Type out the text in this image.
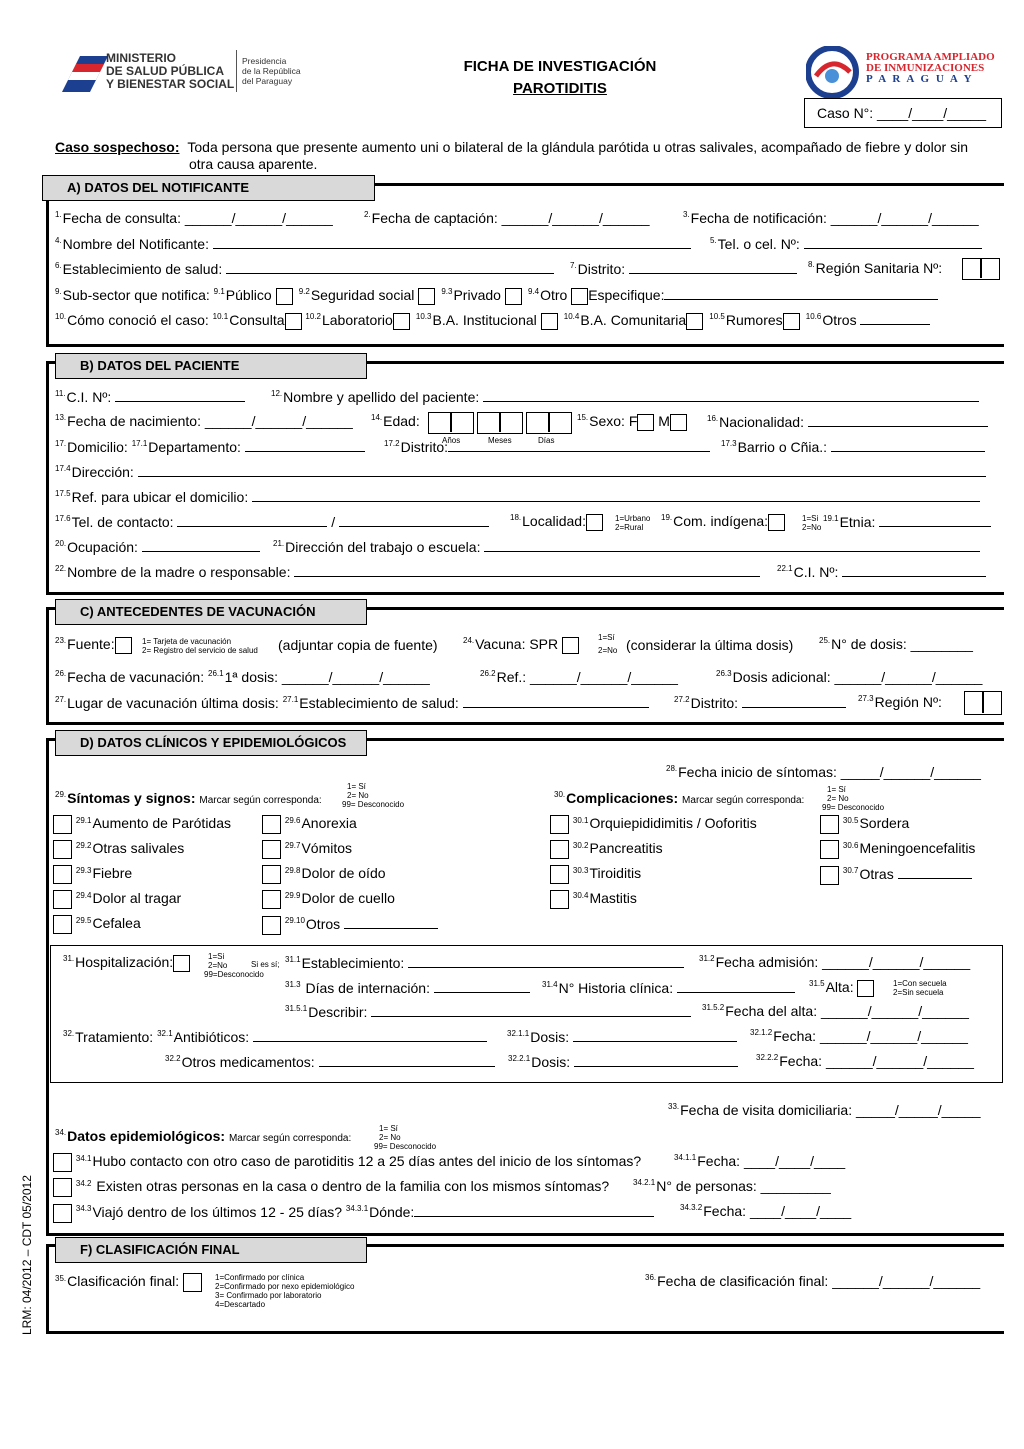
MINISTERIO
DE SALUD PÚBLICA
Y BIENESTAR SOCIAL
Presidencia
de la República
del Paraguay
FICHA DE INVESTIGACIÓN
PAROTIDITIS
PROGRAMA AMPLIADO
DE INMUNIZACIONES
P A R A G U A Y
Caso N°: ____/____/_____
Caso sospechoso: Toda persona que presente aumento uni o bilateral de la glándula parótida u otras salivales, acompañado de fiebre y dolor sin
otra causa aparente.
A) DATOS DEL NOTIFICANTE
$^{1.}$Fecha de consulta: ______/______/______	$^{2.}$Fecha de captación: ______/______/______	$^{3.}$Fecha de notificación: ______/______/______
$^{4.}$Nombre del Notificante:	$^{5.}$Tel. o cel. Nº:
$^{6.}$Establecimiento de salud:	$^{7.}$Distrito:	$^{8.}$Región Sanitaria Nº:
$^{9.}$Sub-sector que notifica: $^{9.1}$Público	$^{9.2}$Seguridad social	$^{9.3}$Privado	$^{9.4}$Otro Especifique:
$^{10.}$Cómo conoció el caso: $^{10.1}$Consulta	$^{10.2}$Laboratorio	$^{10.3}$B.A. Institucional	$^{10.4}$B.A. Comunitaria	$^{10.5}$Rumores	$^{10.6}$Otros
B) DATOS DEL PACIENTE
$^{11.}$C.I. Nº:	$^{12.}$Nombre y apellido del paciente:
$^{13.}$Fecha de nacimiento: ______/______/______ $^{14.}$Edad:
Años	Meses	Días
$^{15.}$Sexo: F M	$^{16.}$Nacionalidad:
$^{17.}$Domicilio: $^{17.1}$Departamento:	$^{17.2}$Distrito:	$^{17.3}$Barrio o Cñia.:
$^{17.4}$Dirección:
$^{17.5}$Ref. para ubicar el domicilio:
$^{17.6}$Tel. de contacto:	/	$^{18.}$Localidad:	1=Urbano
2=Rural
$^{19.}$Com. indígena:	1=Si
2=No
$^{19.1}$Etnia:
$^{20.}$Ocupación:	$^{21.}$Dirección del trabajo o escuela:
$^{22.}$Nombre de la madre o responsable:	$^{22.1}$C.I. Nº:
C) ANTECEDENTES DE VACUNACIÓN
$^{23.}$Fuente:	1= Tarjeta de vacunación
2= Registro del servicio de salud (adjuntar copia de fuente)	$^{24.}$Vacuna: SPR	1=Sí
2=No (considerar la última dosis)	$^{25.}$N° de dosis: ________
$^{26.}$Fecha de vacunación: $^{26.1}$1ª dosis: ______/______/______	$^{26.2}$Ref.: ______/______/______	$^{26.3}$Dosis adicional: ______/______/______
$^{27.}$Lugar de vacunación última dosis: $^{27.1}$Establecimiento de salud:	$^{27.2}$Distrito:	$^{27.3}$Región Nº:
D) DATOS CLÍNICOS Y EPIDEMIOLÓGICOS
$^{28.}$Fecha inicio de síntomas: _____/______/______
$^{29.}$Síntomas y signos: Marcar según corresponda:
1= Sí
2= No
99= Desconocido
$^{30.}$Complicaciones: Marcar según corresponda:
1= Sí
2= No
99= Desconocido
$^{29.1}$Aumento de Parótidas
$^{29.2}$Otras salivales
$^{29.3}$Fiebre
$^{29.4}$Dolor al tragar
$^{29.5}$Cefalea
$^{29.6}$Anorexia
$^{29.7}$Vómitos
$^{29.8}$Dolor de oído
$^{29.9}$Dolor de cuello
$^{29.10}$Otros
$^{30.1}$Orquiepididimitis / Ooforitis
$^{30.2}$Pancreatitis
$^{30.3}$Tiroiditis
$^{30.4}$Mastitis
$^{30.5}$Sordera
$^{30.6}$Meningoencefalitis
$^{30.7}$Otras
$^{31.}$Hospitalización:	1=Si
2=No
99=Desconocido
Si es sí;
$^{31.1}$Establecimiento:	$^{31.2}$Fecha admisión: ______/______/______
$^{31.3}$ Días de internación:	$^{31.4}$N° Historia clínica:	$^{31.5}$Alta:	1=Con secuela
2=Sin secuela
$^{31.5.1}$Describir:	$^{31.5.2}$Fecha del alta: ______/______/______
$^{32.}$Tratamiento: $^{32.1}$Antibióticos:	$^{32.1.1}$Dosis:	$^{32.1.2}$Fecha: ______/______/______
$^{32.2}$Otros medicamentos:	$^{32.2.1}$Dosis:	$^{32.2.2}$Fecha: ______/______/______
$^{33.}$Fecha de visita domiciliaria: _____/_____/_____
$^{34.}$Datos epidemiológicos: Marcar según corresponda:
1= Sí
2= No
99= Desconocido
$^{34.1}$Hubo contacto con otro caso de parotiditis 12 a 25 días antes del inicio de los síntomas?	$^{34.1.1}$Fecha: ____/____/____
$^{34.2}$ Existen otras personas en la casa o dentro de la familia con los mismos síntomas?	$^{34.2.1}$N° de personas: _________
$^{34.3}$Viajó dentro de los últimos 12 - 25 días? $^{34.3.1}$Dónde:	$^{34.3.2}$Fecha: ____/____/____
F) CLASIFICACIÓN FINAL
$^{35.}$Clasificación final:	1=Confirmado por clínica
2=Confirmado por nexo epidemiológico
3= Confirmado por laboratorio
4=Descartado
$^{36.}$Fecha de clasificación final: ______/______/______
LRM: 04/2012 – CDT 05/2012
